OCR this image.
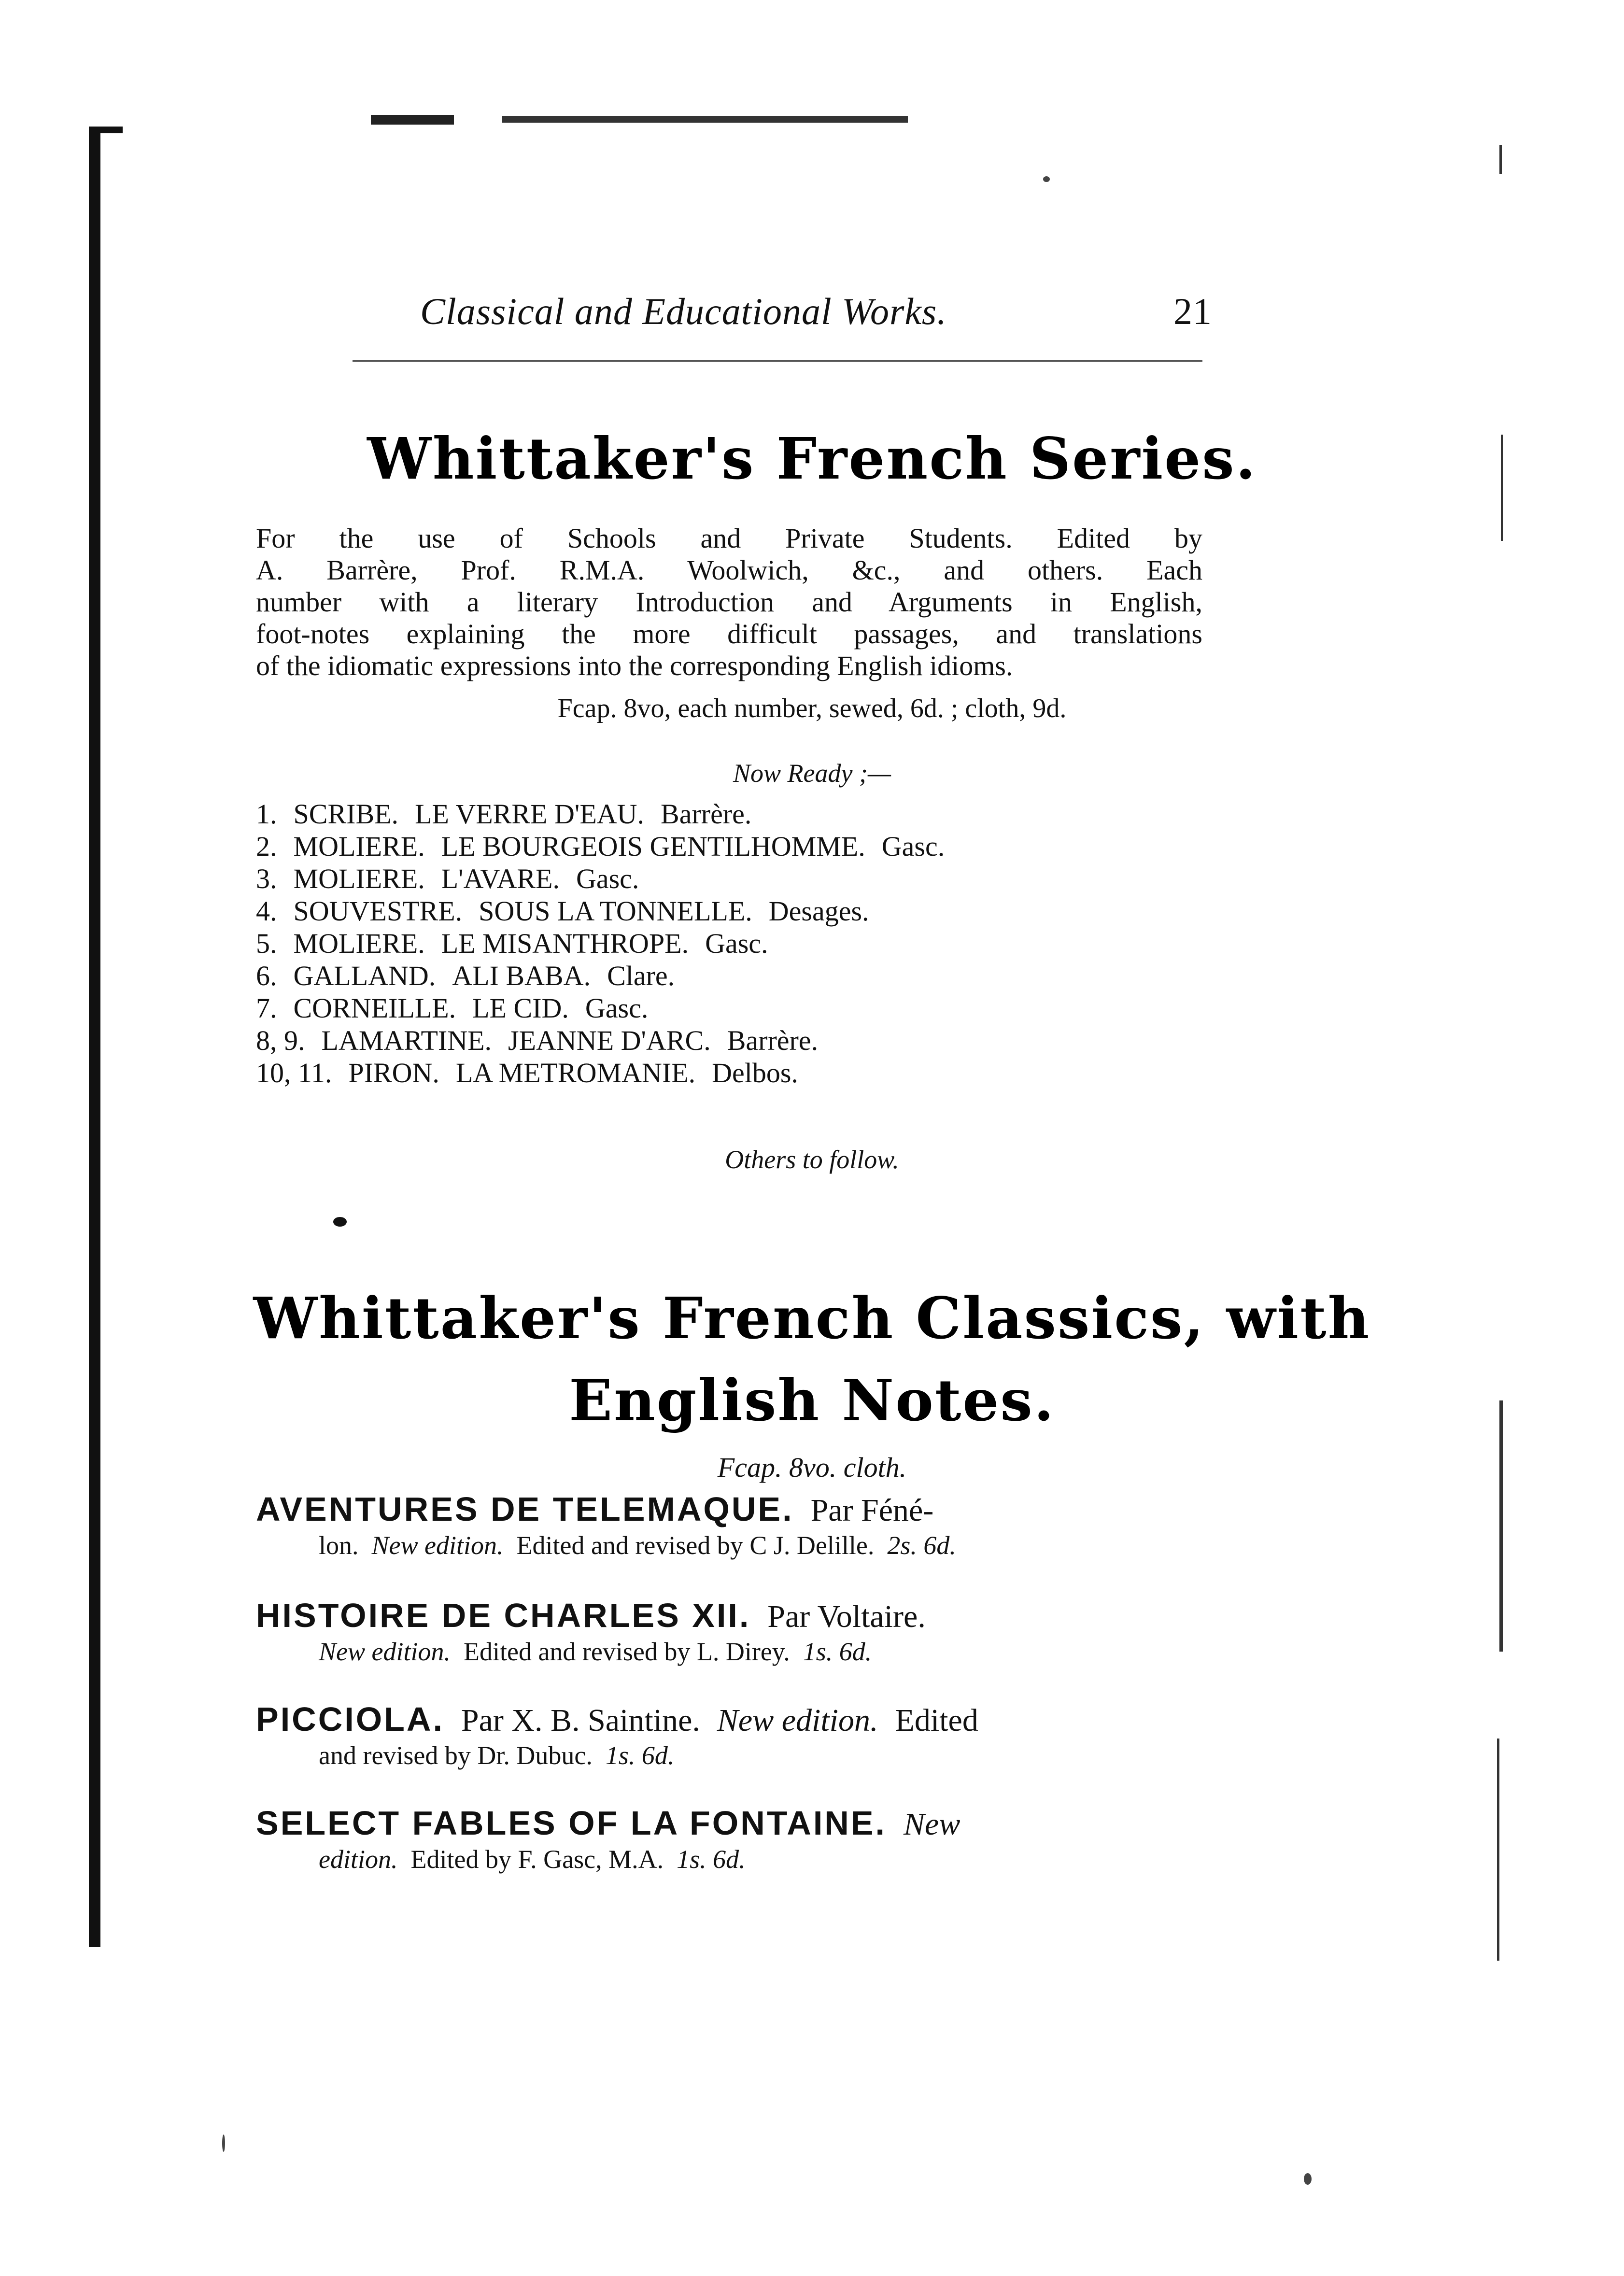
Classical and Educational Works.	21
Whittaker's French Series.
For the use of Schools and Private Students. Edited by
A. Barrère, Prof. R.M.A. Woolwich, &c., and others. Each
number with a literary Introduction and Arguments in English,
foot-notes explaining the more difficult passages, and translations
of the idiomatic expressions into the corresponding English idioms.
Fcap. 8vo, each number, sewed, 6d. ; cloth, 9d.
Now Ready ;—
1. SCRIBE. LE VERRE D'EAU. Barrère.
2. MOLIERE. LE BOURGEOIS GENTILHOMME. Gasc.
3. MOLIERE. L'AVARE. Gasc.
4. SOUVESTRE. SOUS LA TONNELLE. Desages.
5. MOLIERE. LE MISANTHROPE. Gasc.
6. GALLAND. ALI BABA. Clare.
7. CORNEILLE. LE CID. Gasc.
8, 9. LAMARTINE. JEANNE D'ARC. Barrère.
10, 11. PIRON. LA METROMANIE. Delbos.
Others to follow.
Whittaker's French Classics, with
English Notes.
Fcap. 8vo. cloth.
AVENTURES DE TELEMAQUE. Par Féné-
lon. New edition. Edited and revised by C J. Delille. 2s. 6d.
HISTOIRE DE CHARLES XII. Par Voltaire.
New edition. Edited and revised by L. Direy. 1s. 6d.
PICCIOLA. Par X. B. Saintine. New edition. Edited
and revised by Dr. Dubuc. 1s. 6d.
SELECT FABLES OF LA FONTAINE. New
edition. Edited by F. Gasc, M.A. 1s. 6d.
